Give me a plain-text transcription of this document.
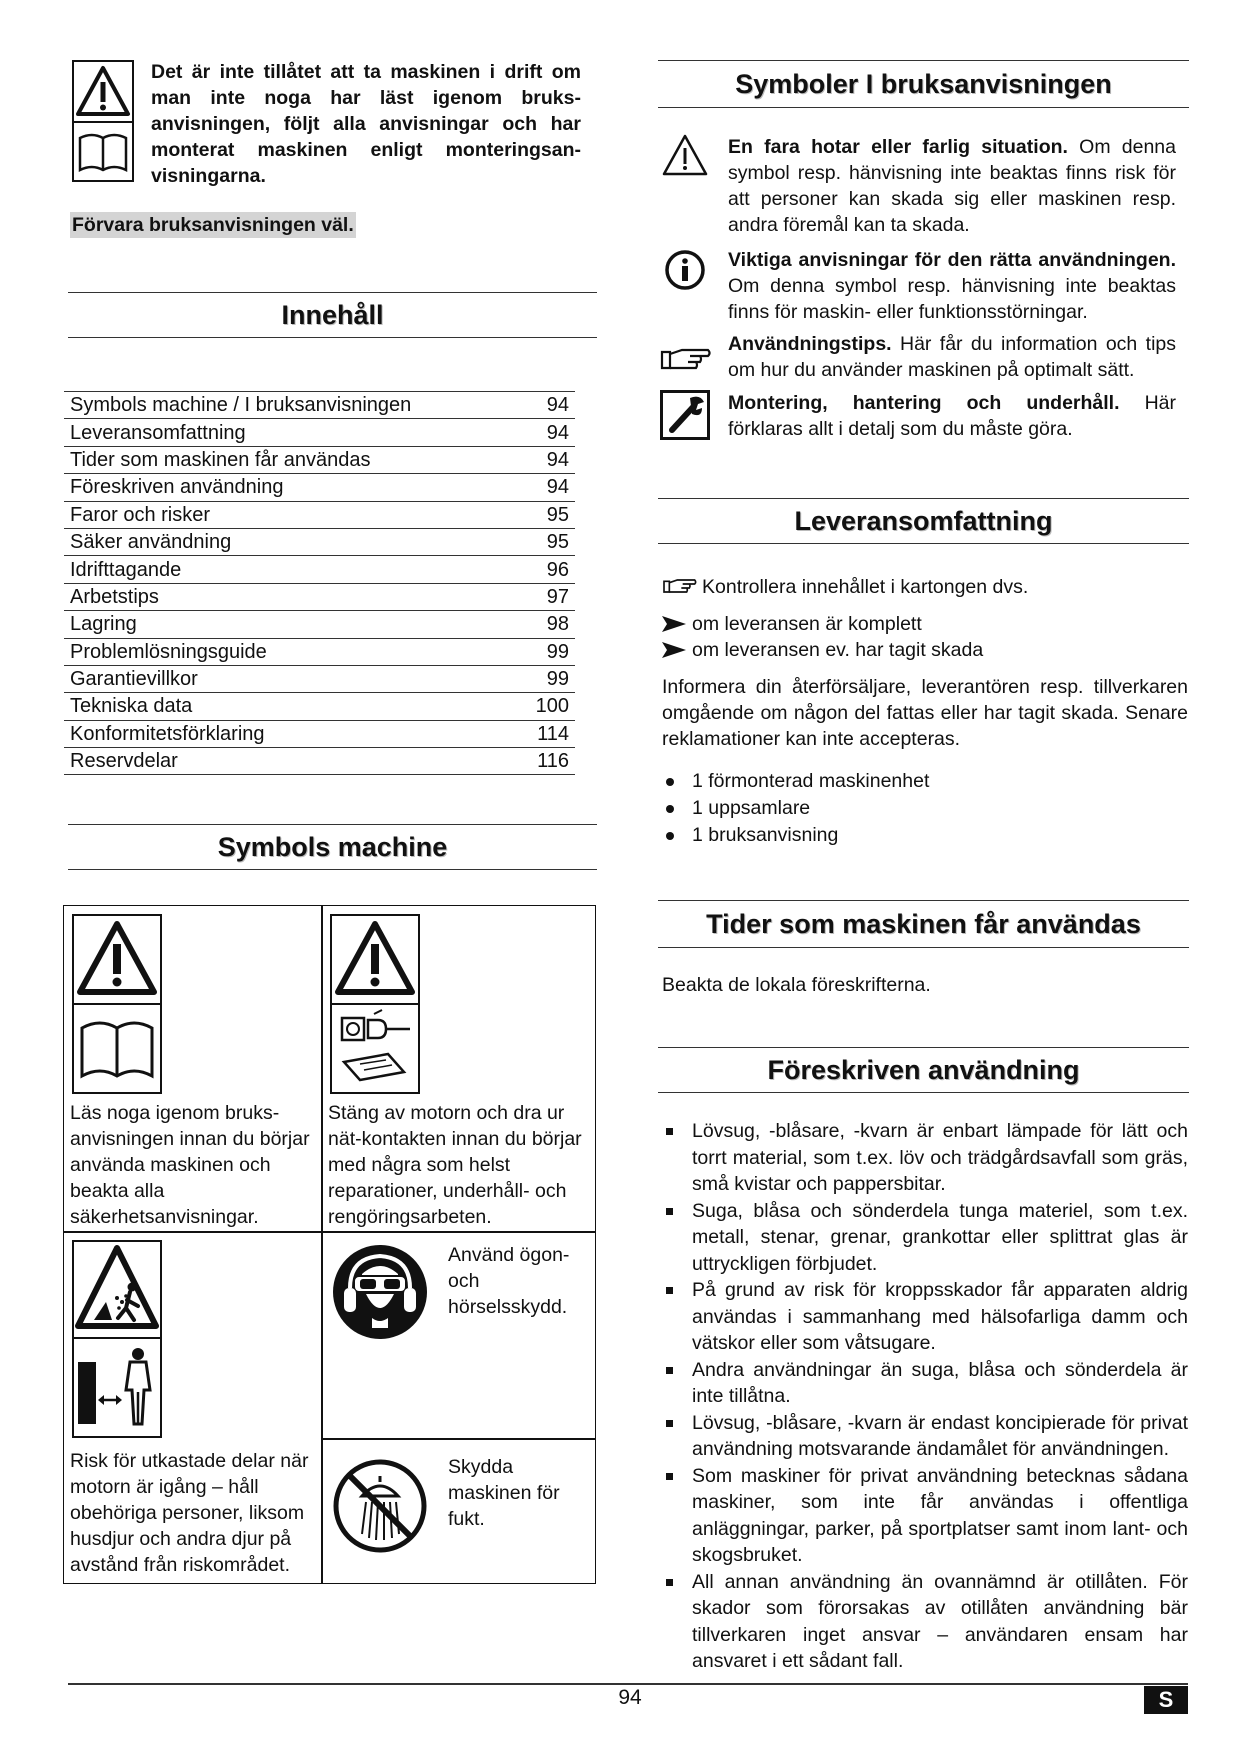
Det är inte tillåtet att ta maskinen i drift om man inte noga har läst igenom bruks-anvisningen, följt alla anvisningar och har monterat maskinen enligt monteringsan-visningarna.
Förvara bruksanvisningen väl.
Innehåll
Symbols machine / I bruksanvisningen	94
Leveransomfattning	94
Tider som maskinen får användas	94
Föreskriven användning	94
Faror och risker	95
Säker användning	95
Idrifttagande	96
Arbetstips	97
Lagring	98
Problemlösningsguide	99
Garantievillkor	99
Tekniska data	100
Konformitetsförklaring	114
Reservdelar	116
Symbols machine
Läs noga igenom bruks-anvisningen innan du börjar använda maskinen och beakta alla säkerhetsanvisningar.
Stäng av motorn och dra ur nät-kontakten innan du börjar med några som helst reparationer, underhåll- och rengöringsarbeten.
Risk för utkastade delar när motorn är igång – håll obehöriga personer, liksom husdjur och andra djur på avstånd från riskområdet.
Använd ögon- och hörselsskydd.
Skydda maskinen för fukt.
Symboler I bruksanvisningen
En fara hotar eller farlig situation. Om denna symbol resp. hänvisning inte beaktas finns risk för att personer kan skada sig eller maskinen resp. andra föremål kan ta skada.
Viktiga anvisningar för den rätta användningen. Om denna symbol resp. hänvisning inte beaktas finns för maskin- eller funktionsstörningar.
Användningstips. Här får du information och tips om hur du använder maskinen på optimalt sätt.
Montering, hantering och underhåll. Här förklaras allt i detalj som du måste göra.
Leveransomfattning
Kontrollera innehållet i kartongen dvs.
om leveransen är komplett
om leveransen ev. har tagit skada
Informera din återförsäljare, leverantören resp. tillverkaren omgående om någon del fattas eller har tagit skada. Senare reklamationer kan inte accepteras.
1 förmonterad maskinenhet
1 uppsamlare
1 bruksanvisning
Tider som maskinen får användas
Beakta de lokala föreskrifterna.
Föreskriven användning
Lövsug, -blåsare, -kvarn är enbart lämpade för lätt och torrt material, som t.ex. löv och trädgårdsavfall som gräs, små kvistar och pappersbitar.
Suga, blåsa och sönderdela tunga materiel, som t.ex. metall, stenar, grenar, grankottar eller splittrat glas är uttryckligen förbjudet.
På grund av risk för kroppsskador får apparaten aldrig användas i sammanhang med hälsofarliga damm och vätskor eller som våtsugare.
Andra användningar än suga, blåsa och sönderdela är inte tillåtna.
Lövsug, -blåsare, -kvarn är endast koncipierade för privat användning motsvarande ändamålet för användningen.
Som maskiner för privat användning betecknas sådana maskiner, som inte får användas i offentliga anläggningar, parker, på sportplatser samt inom lant- och skogsbruket.
All annan användning än ovannämnd är otillåten. För skador som förorsakas av otillåten användning bär tillverkaren inget ansvar – användaren ensam har ansvaret i ett sådant fall.
94	S
